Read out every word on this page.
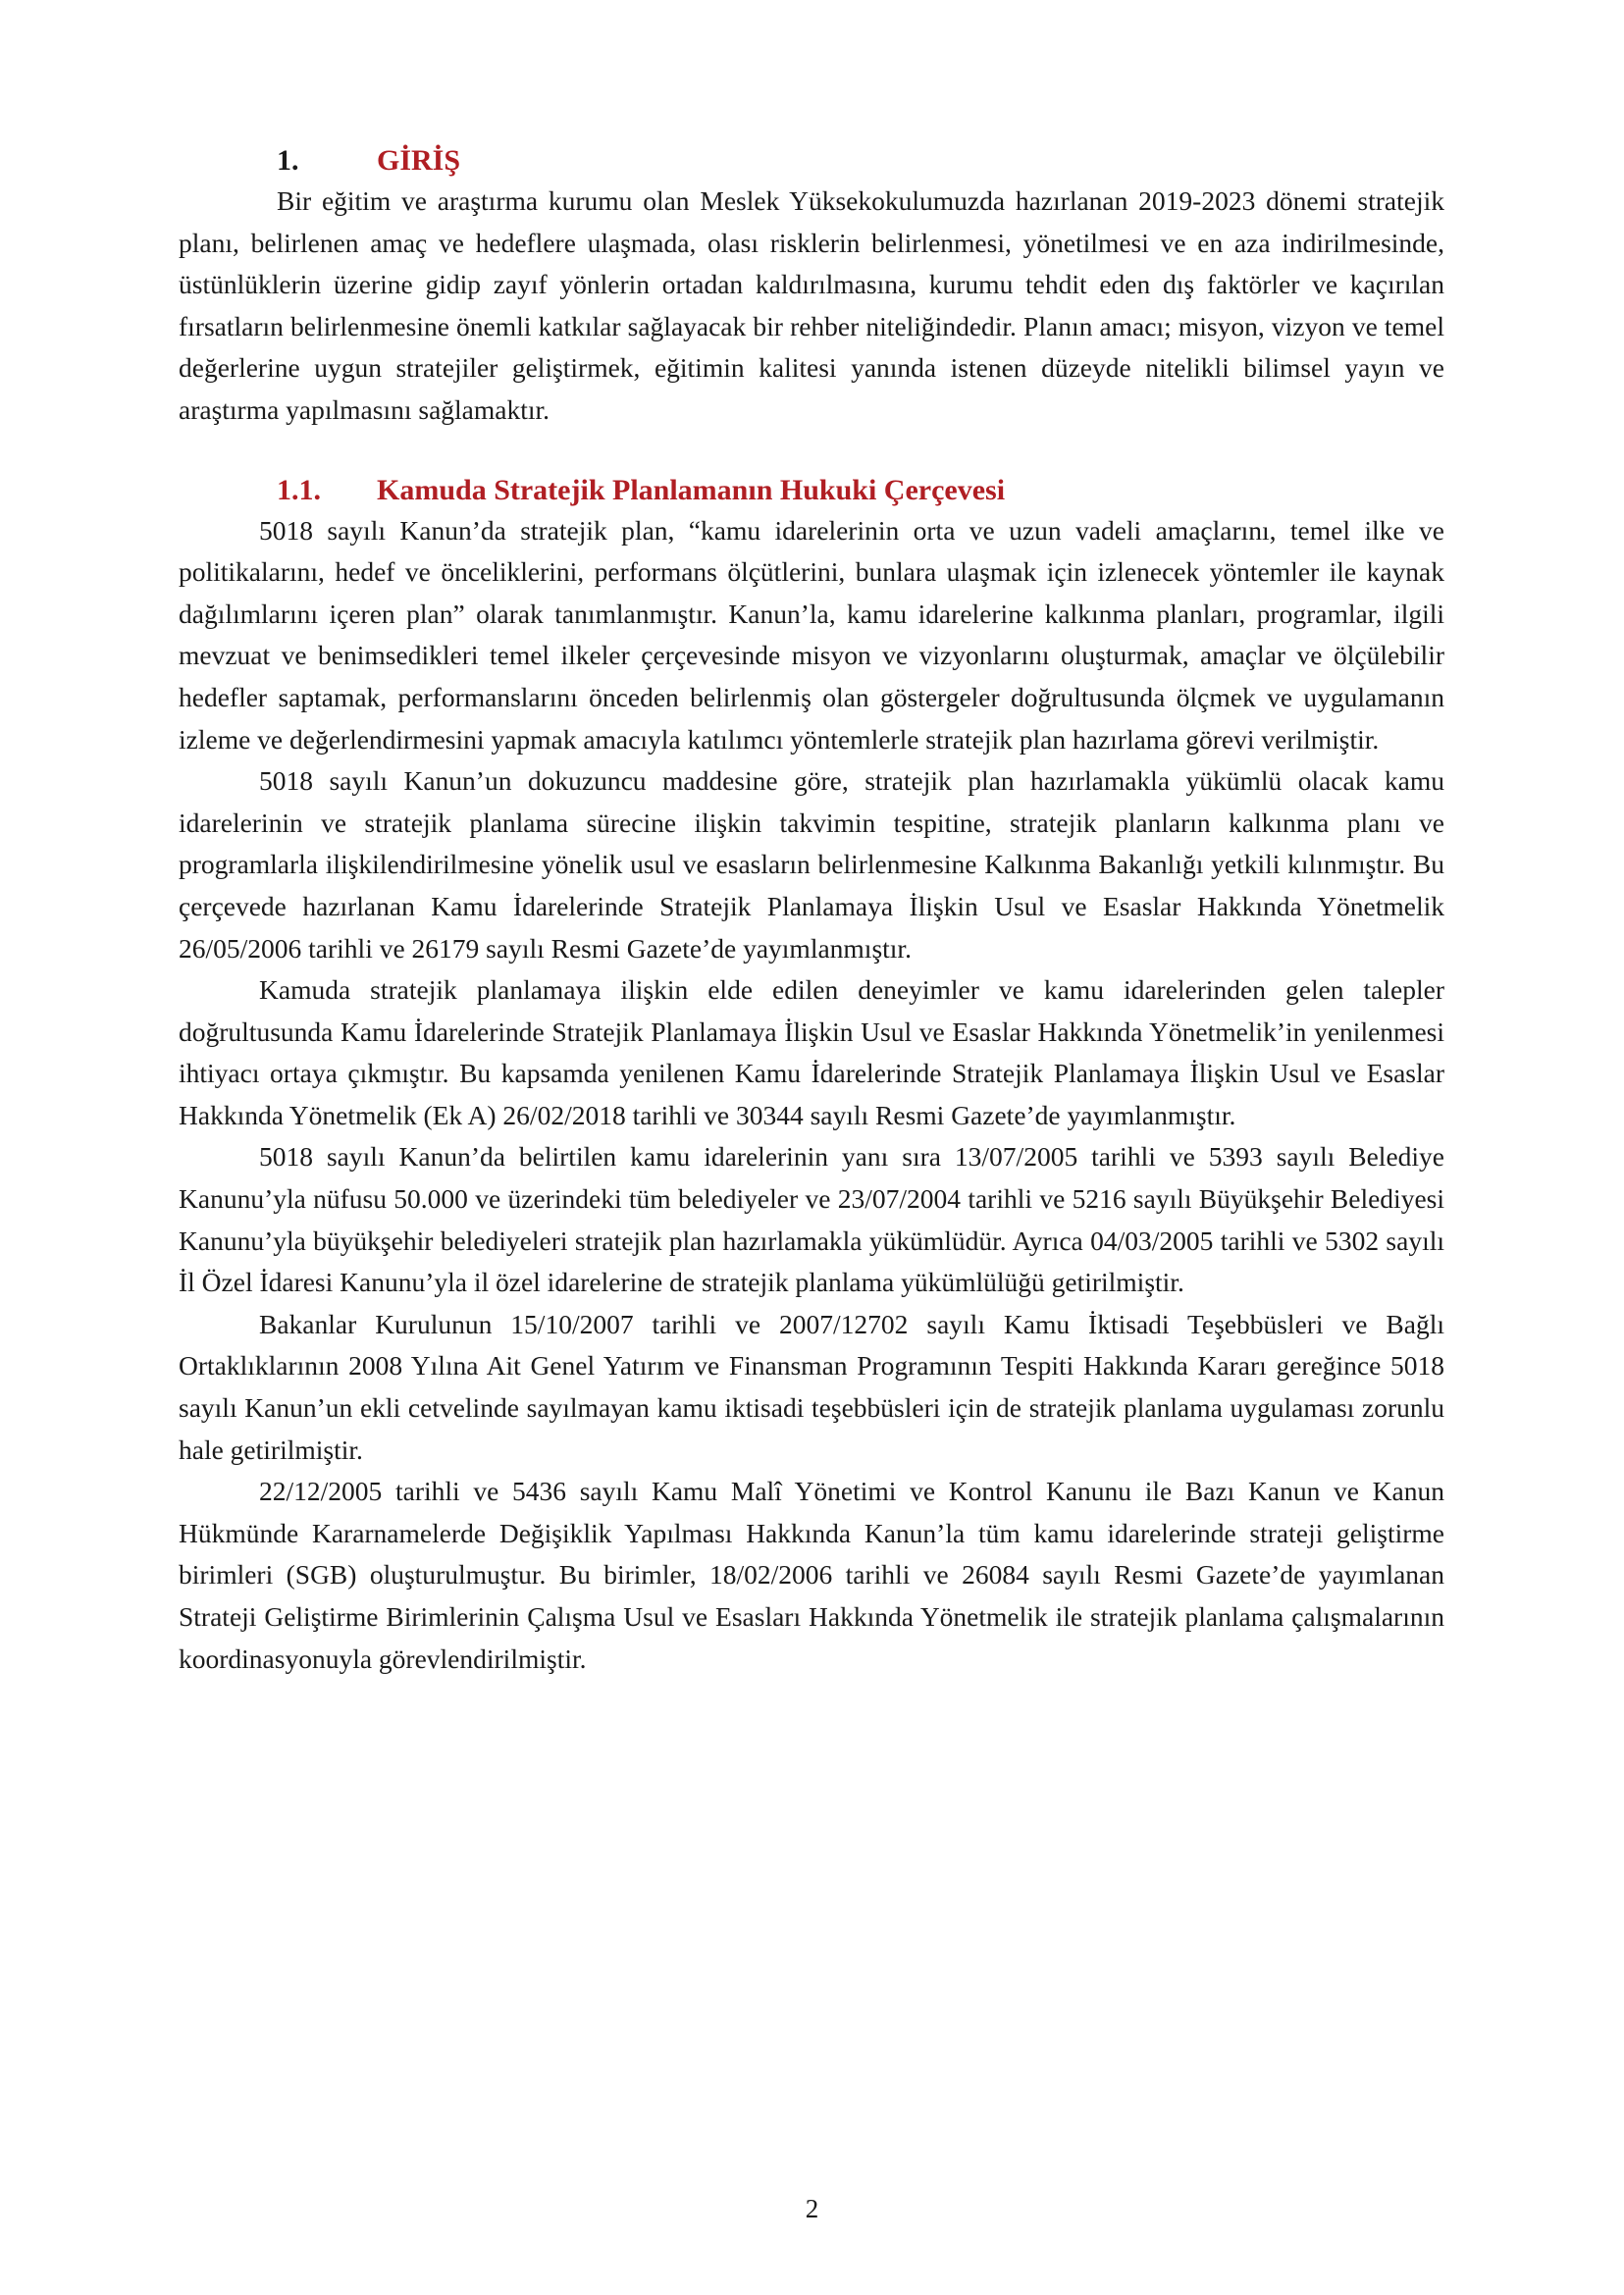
1.	GİRİŞ

Bir eğitim ve araştırma kurumu olan Meslek Yüksekokulumuzda hazırlanan 2019-2023 dönemi stratejik planı, belirlenen amaç ve hedeflere ulaşmada, olası risklerin belirlenmesi, yönetilmesi ve en aza indirilmesinde, üstünlüklerin üzerine gidip zayıf yönlerin ortadan kaldırılmasına, kurumu tehdit eden dış faktörler ve kaçırılan fırsatların belirlenmesine önemli katkılar sağlayacak bir rehber niteliğindedir. Planın amacı; misyon, vizyon ve temel değerlerine uygun stratejiler geliştirmek, eğitimin kalitesi yanında istenen düzeyde nitelikli bilimsel yayın ve araştırma yapılmasını sağlamaktır.

1.1.	Kamuda Stratejik Planlamanın Hukuki Çerçevesi

5018 sayılı Kanun’da stratejik plan, “kamu idarelerinin orta ve uzun vadeli amaçlarını, temel ilke ve politikalarını, hedef ve önceliklerini, performans ölçütlerini, bunlara ulaşmak için izlenecek yöntemler ile kaynak dağılımlarını içeren plan” olarak tanımlanmıştır. Kanun’la, kamu idarelerine kalkınma planları, programlar, ilgili mevzuat ve benimsedikleri temel ilkeler çerçevesinde misyon ve vizyonlarını oluşturmak, amaçlar ve ölçülebilir hedefler saptamak, performanslarını önceden belirlenmiş olan göstergeler doğrultusunda ölçmek ve uygulamanın izleme ve değerlendirmesini yapmak amacıyla katılımcı yöntemlerle stratejik plan hazırlama görevi verilmiştir.

5018 sayılı Kanun’un dokuzuncu maddesine göre, stratejik plan hazırlamakla yükümlü olacak kamu idarelerinin ve stratejik planlama sürecine ilişkin takvimin tespitine, stratejik planların kalkınma planı ve programlarla ilişkilendirilmesine yönelik usul ve esasların belirlenmesine Kalkınma Bakanlığı yetkili kılınmıştır. Bu çerçevede hazırlanan Kamu İdarelerinde Stratejik Planlamaya İlişkin Usul ve Esaslar Hakkında Yönetmelik 26/05/2006 tarihli ve 26179 sayılı Resmi Gazete’de yayımlanmıştır.

Kamuda stratejik planlamaya ilişkin elde edilen deneyimler ve kamu idarelerinden gelen talepler doğrultusunda Kamu İdarelerinde Stratejik Planlamaya İlişkin Usul ve Esaslar Hakkında Yönetmelik’in yenilenmesi ihtiyacı ortaya çıkmıştır. Bu kapsamda yenilenen Kamu İdarelerinde Stratejik Planlamaya İlişkin Usul ve Esaslar Hakkında Yönetmelik (Ek A) 26/02/2018 tarihli ve 30344 sayılı Resmi Gazete’de yayımlanmıştır.

5018 sayılı Kanun’da belirtilen kamu idarelerinin yanı sıra 13/07/2005 tarihli ve 5393 sayılı Belediye Kanunu’yla nüfusu 50.000 ve üzerindeki tüm belediyeler ve 23/07/2004 tarihli ve 5216 sayılı Büyükşehir Belediyesi Kanunu’yla büyükşehir belediyeleri stratejik plan hazırlamakla yükümlüdür. Ayrıca 04/03/2005 tarihli ve 5302 sayılı İl Özel İdaresi Kanunu’yla il özel idarelerine de stratejik planlama yükümlülüğü getirilmiştir.

Bakanlar Kurulunun 15/10/2007 tarihli ve 2007/12702 sayılı Kamu İktisadi Teşebbüsleri ve Bağlı Ortaklıklarının 2008 Yılına Ait Genel Yatırım ve Finansman Programının Tespiti Hakkında Kararı gereğince 5018 sayılı Kanun’un ekli cetvelinde sayılmayan kamu iktisadi teşebbüsleri için de stratejik planlama uygulaması zorunlu hale getirilmiştir.

22/12/2005 tarihli ve 5436 sayılı Kamu Malî Yönetimi ve Kontrol Kanunu ile Bazı Kanun ve Kanun Hükmünde Kararnamelerde Değişiklik Yapılması Hakkında Kanun’la tüm kamu idarelerinde strateji geliştirme birimleri (SGB) oluşturulmuştur. Bu birimler, 18/02/2006 tarihli ve 26084 sayılı Resmi Gazete’de yayımlanan Strateji Geliştirme Birimlerinin Çalışma Usul ve Esasları Hakkında Yönetmelik ile stratejik planlama çalışmalarının koordinasyonuyla görevlendirilmiştir.

2
